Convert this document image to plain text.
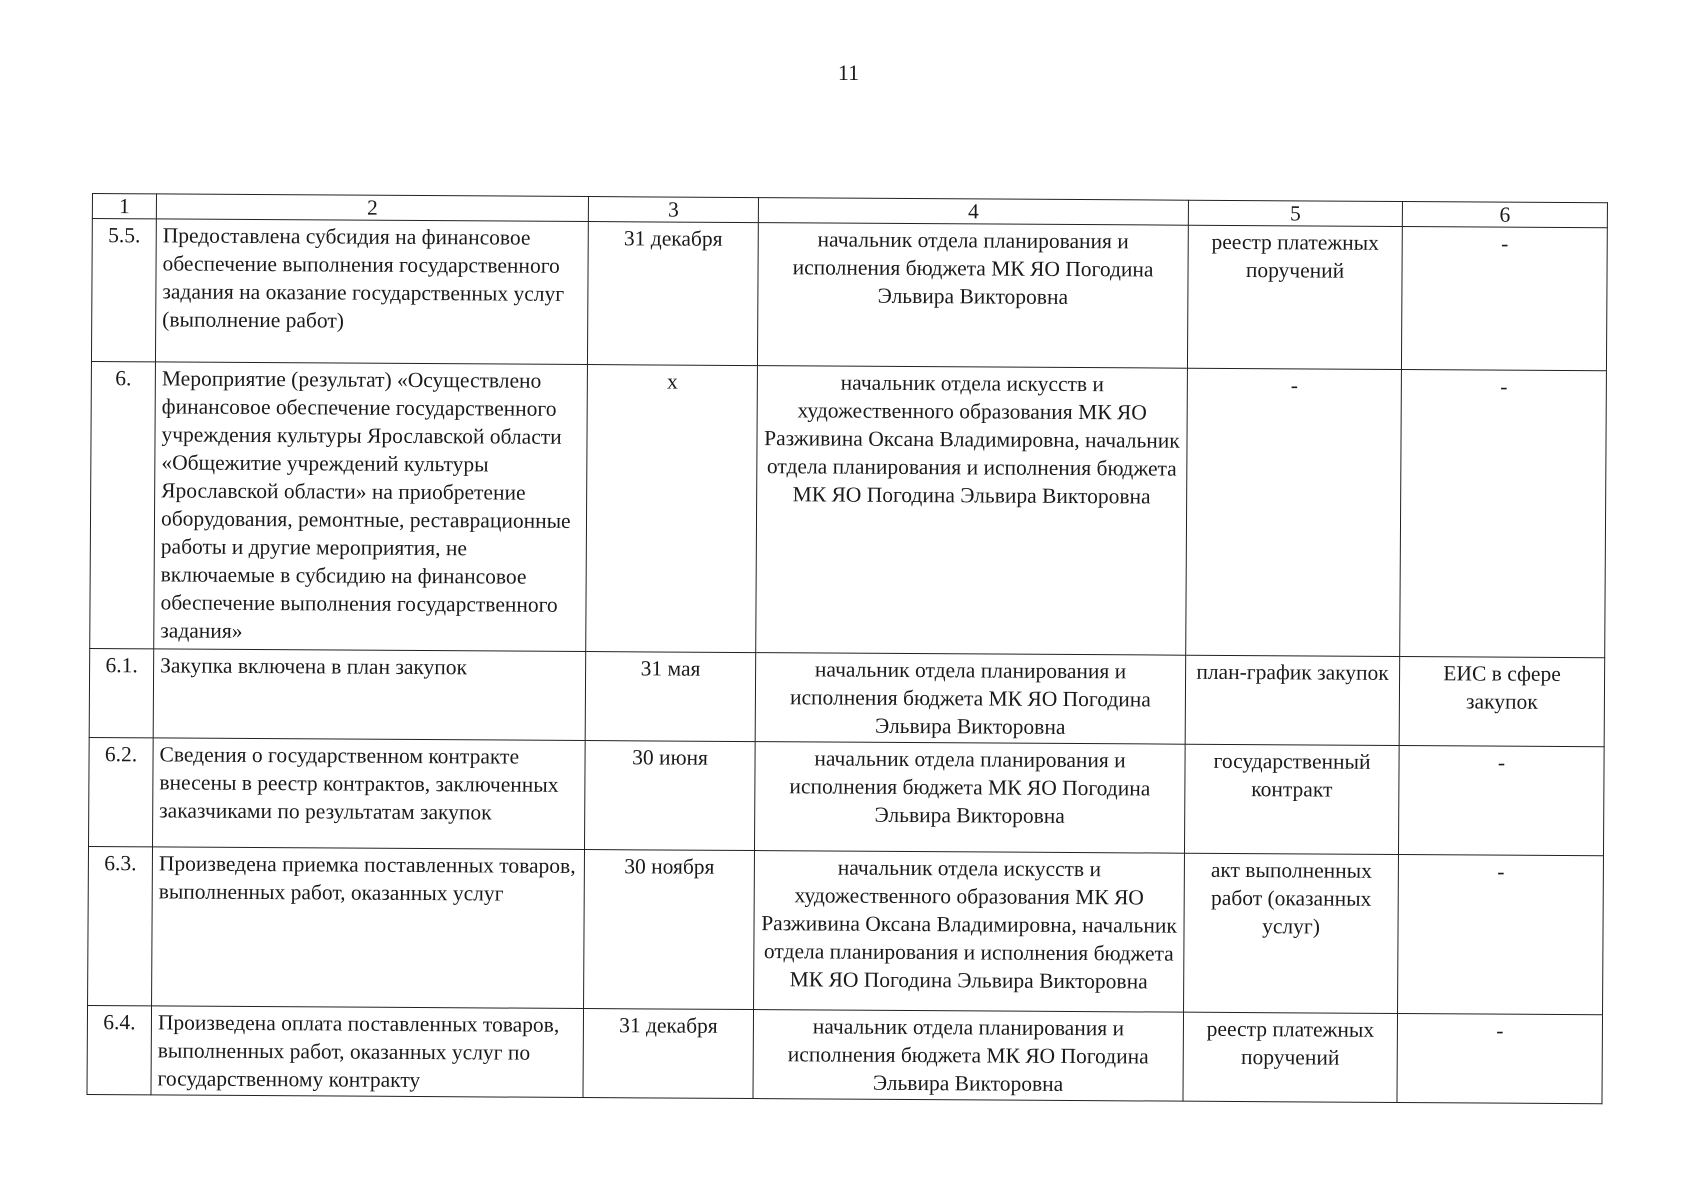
11
1	2	3	4	5	6
5.5.	Предоставлена субсидия на финансовое обеспечение выполнения государственного задания на оказание государственных услуг (выполнение работ)	31 декабря	начальник отдела планирования и исполнения бюджета МК ЯО Погодина Эльвира Викторовна	реестр платежных поручений	-
6.	Мероприятие (результат) «Осуществлено финансовое обеспечение государственного учреждения культуры Ярославской области «Общежитие учреждений культуры Ярославской области» на приобретение оборудования, ремонтные, реставрационные работы и другие мероприятия, не включаемые в субсидию на финансовое обеспечение выполнения государственного задания»	х	начальник отдела искусств и художественного образования МК ЯО Разживина Оксана Владимировна, начальник отдела планирования и исполнения бюджета МК ЯО Погодина Эльвира Викторовна	-	-
6.1.	Закупка включена в план закупок	31 мая	начальник отдела планирования и исполнения бюджета МК ЯО Погодина Эльвира Викторовна	план-график закупок	ЕИС в сфере закупок
6.2.	Сведения о государственном контракте внесены в реестр контрактов, заключенных заказчиками по результатам закупок	30 июня	начальник отдела планирования и исполнения бюджета МК ЯО Погодина Эльвира Викторовна	государственный контракт	-
6.3.	Произведена приемка поставленных товаров, выполненных работ, оказанных услуг	30 ноября	начальник отдела искусств и художественного образования МК ЯО Разживина Оксана Владимировна, начальник отдела планирования и исполнения бюджета МК ЯО Погодина Эльвира Викторовна	акт выполненных работ (оказанных услуг)	-
6.4.	Произведена оплата поставленных товаров, выполненных работ, оказанных услуг по государственному контракту	31 декабря	начальник отдела планирования и исполнения бюджета МК ЯО Погодина Эльвира Викторовна	реестр платежных поручений	-
